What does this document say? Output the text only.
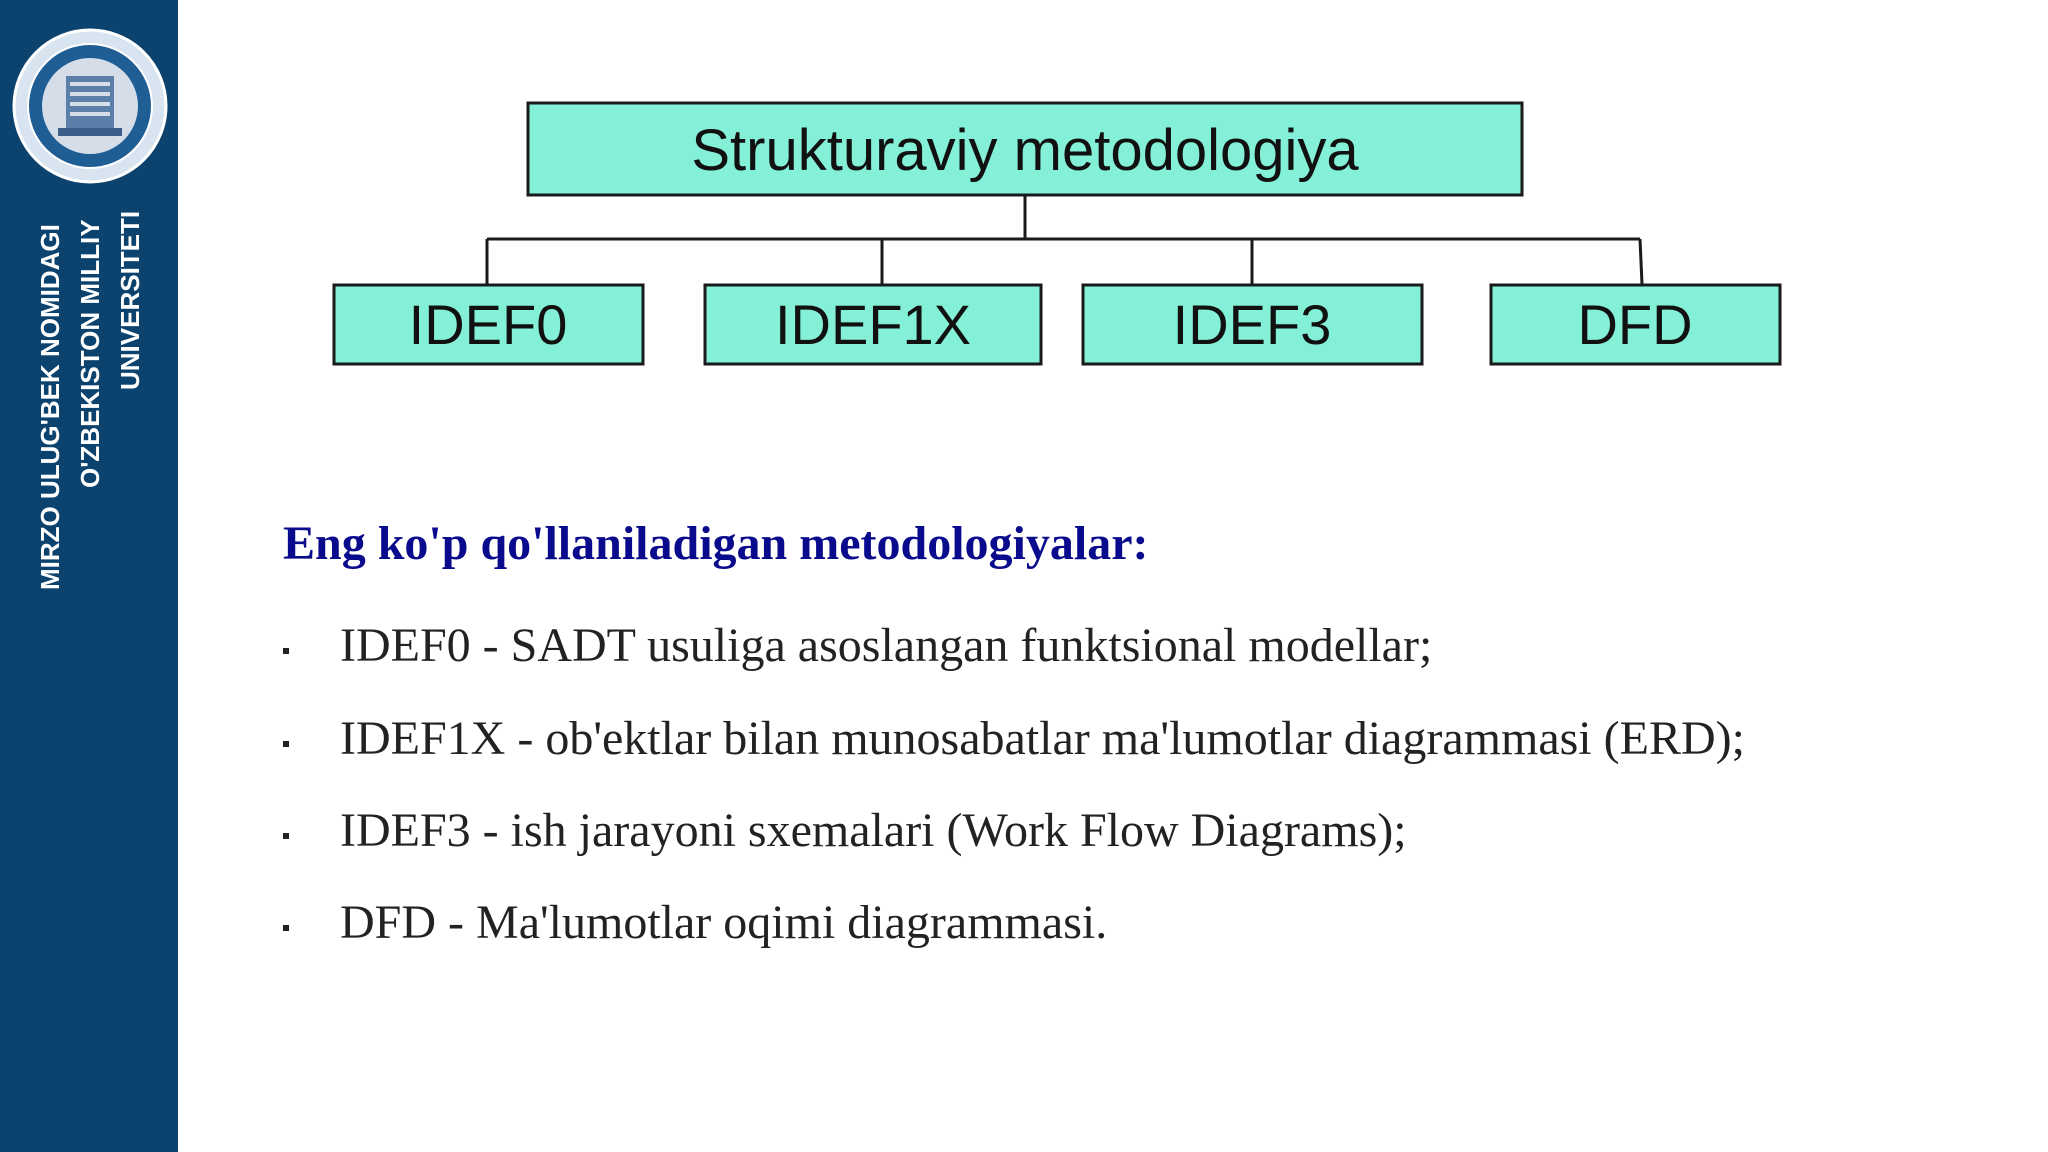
MIRZO ULUG'BEK NOMIDAGI O'ZBEKISTON MILLIY UNIVERSITETI
Strukturaviy metodologiya
IDEF0	IDEF1X	IDEF3	DFD
Eng ko'p qo'llaniladigan metodologiyalar:
IDEF0 - SADT usuliga asoslangan funktsional modellar;
IDEF1X - ob'ektlar bilan munosabatlar ma'lumotlar diagrammasi (ERD);
IDEF3 - ish jarayoni sxemalari (Work Flow Diagrams);
DFD - Ma'lumotlar oqimi diagrammasi.
